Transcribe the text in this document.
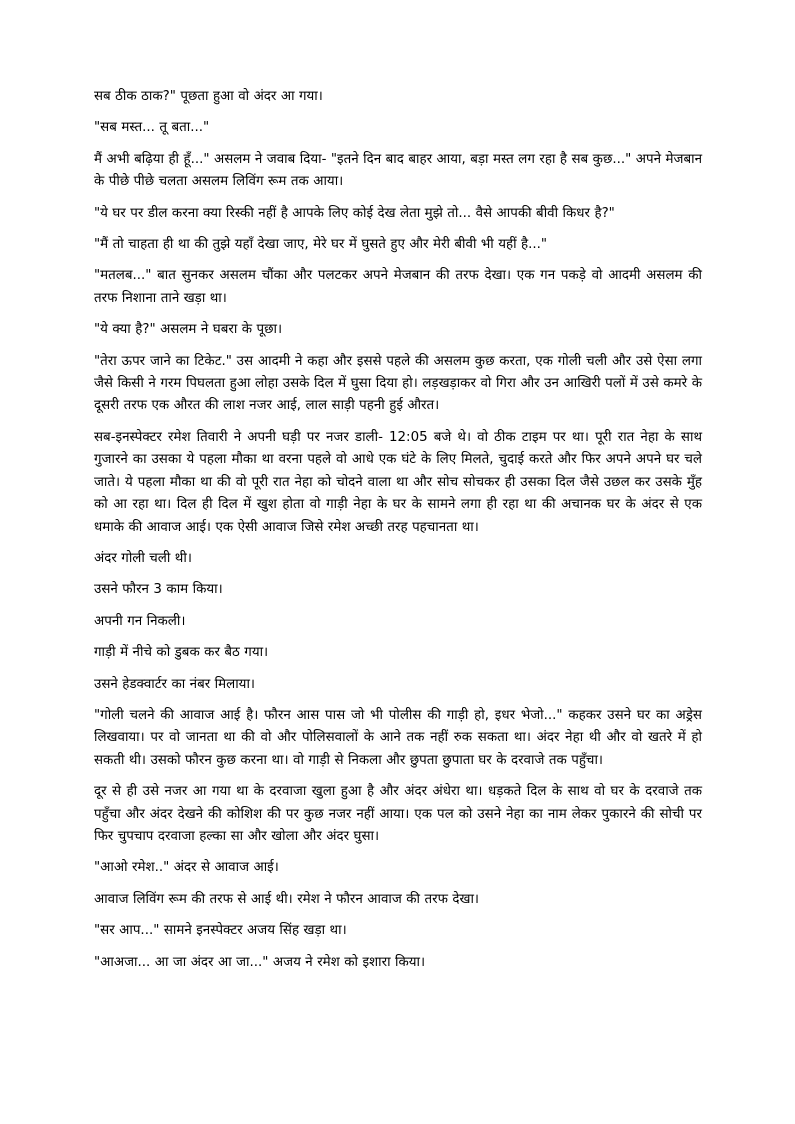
सब ठीक ठाक?" पूछता हुआ वो अंदर आ गया।

"सब मस्त... तू बता..."

मैं अभी बढ़िया ही हूँ..." असलम ने जवाब दिया- "इतने दिन बाद बाहर आया, बड़ा मस्त लग रहा है सब कुछ..." अपने मेजबान के पीछे पीछे चलता असलम लिविंग रूम तक आया।

"ये घर पर डील करना क्या रिस्की नहीं है आपके लिए कोई देख लेता मुझे तो... वैसे आपकी बीवी किधर है?"

"मैं तो चाहता ही था की तुझे यहाँ देखा जाए, मेरे घर में घुसते हुए और मेरी बीवी भी यहीं है..."

"मतलब..." बात सुनकर असलम चौंका और पलटकर अपने मेजबान की तरफ देखा। एक गन पकड़े वो आदमी असलम की तरफ निशाना ताने खड़ा था।

"ये क्या है?" असलम ने घबरा के पूछा।

"तेरा ऊपर जाने का टिकेट." उस आदमी ने कहा और इससे पहले की असलम कुछ करता, एक गोली चली और उसे ऐसा लगा जैसे किसी ने गरम पिघलता हुआ लोहा उसके दिल में घुसा दिया हो। लड़खड़ाकर वो गिरा और उन आखिरी पलों में उसे कमरे के दूसरी तरफ एक औरत की लाश नजर आई, लाल साड़ी पहनी हुई औरत।

सब-इनस्पेक्टर रमेश तिवारी ने अपनी घड़ी पर नजर डाली- 12:05 बजे थे। वो ठीक टाइम पर था। पूरी रात नेहा के साथ गुजारने का उसका ये पहला मौका था वरना पहले वो आधे एक घंटे के लिए मिलते, चुदाई करते और फिर अपने अपने घर चले जाते। ये पहला मौका था की वो पूरी रात नेहा को चोदने वाला था और सोच सोचकर ही उसका दिल जैसे उछल कर उसके मुँह को आ रहा था। दिल ही दिल में खुश होता वो गाड़ी नेहा के घर के सामने लगा ही रहा था की अचानक घर के अंदर से एक धमाके की आवाज आई। एक ऐसी आवाज जिसे रमेश अच्छी तरह पहचानता था।

अंदर गोली चली थी।

उसने फौरन 3 काम किया।

अपनी गन निकली।

गाड़ी में नीचे को डुबक कर बैठ गया।

उसने हेडक्वार्टर का नंबर मिलाया।

"गोली चलने की आवाज आई है। फौरन आस पास जो भी पोलीस की गाड़ी हो, इधर भेजो..." कहकर उसने घर का अड्रेस लिखवाया। पर वो जानता था की वो और पोलिसवालों के आने तक नहीं रुक सकता था। अंदर नेहा थी और वो खतरे में हो सकती थी। उसको फौरन कुछ करना था। वो गाड़ी से निकला और छुपता छुपाता घर के दरवाजे तक पहुँचा।

दूर से ही उसे नजर आ गया था के दरवाजा खुला हुआ है और अंदर अंधेरा था। धड़कते दिल के साथ वो घर के दरवाजे तक पहुँचा और अंदर देखने की कोशिश की पर कुछ नजर नहीं आया। एक पल को उसने नेहा का नाम लेकर पुकारने की सोची पर फिर चुपचाप दरवाजा हल्का सा और खोला और अंदर घुसा।

"आओ रमेश.." अंदर से आवाज आई।

आवाज लिविंग रूम की तरफ से आई थी। रमेश ने फौरन आवाज की तरफ देखा।

"सर आप..." सामने इनस्पेक्टर अजय सिंह खड़ा था।

"आअजा... आ जा अंदर आ जा..." अजय ने रमेश को इशारा किया।
